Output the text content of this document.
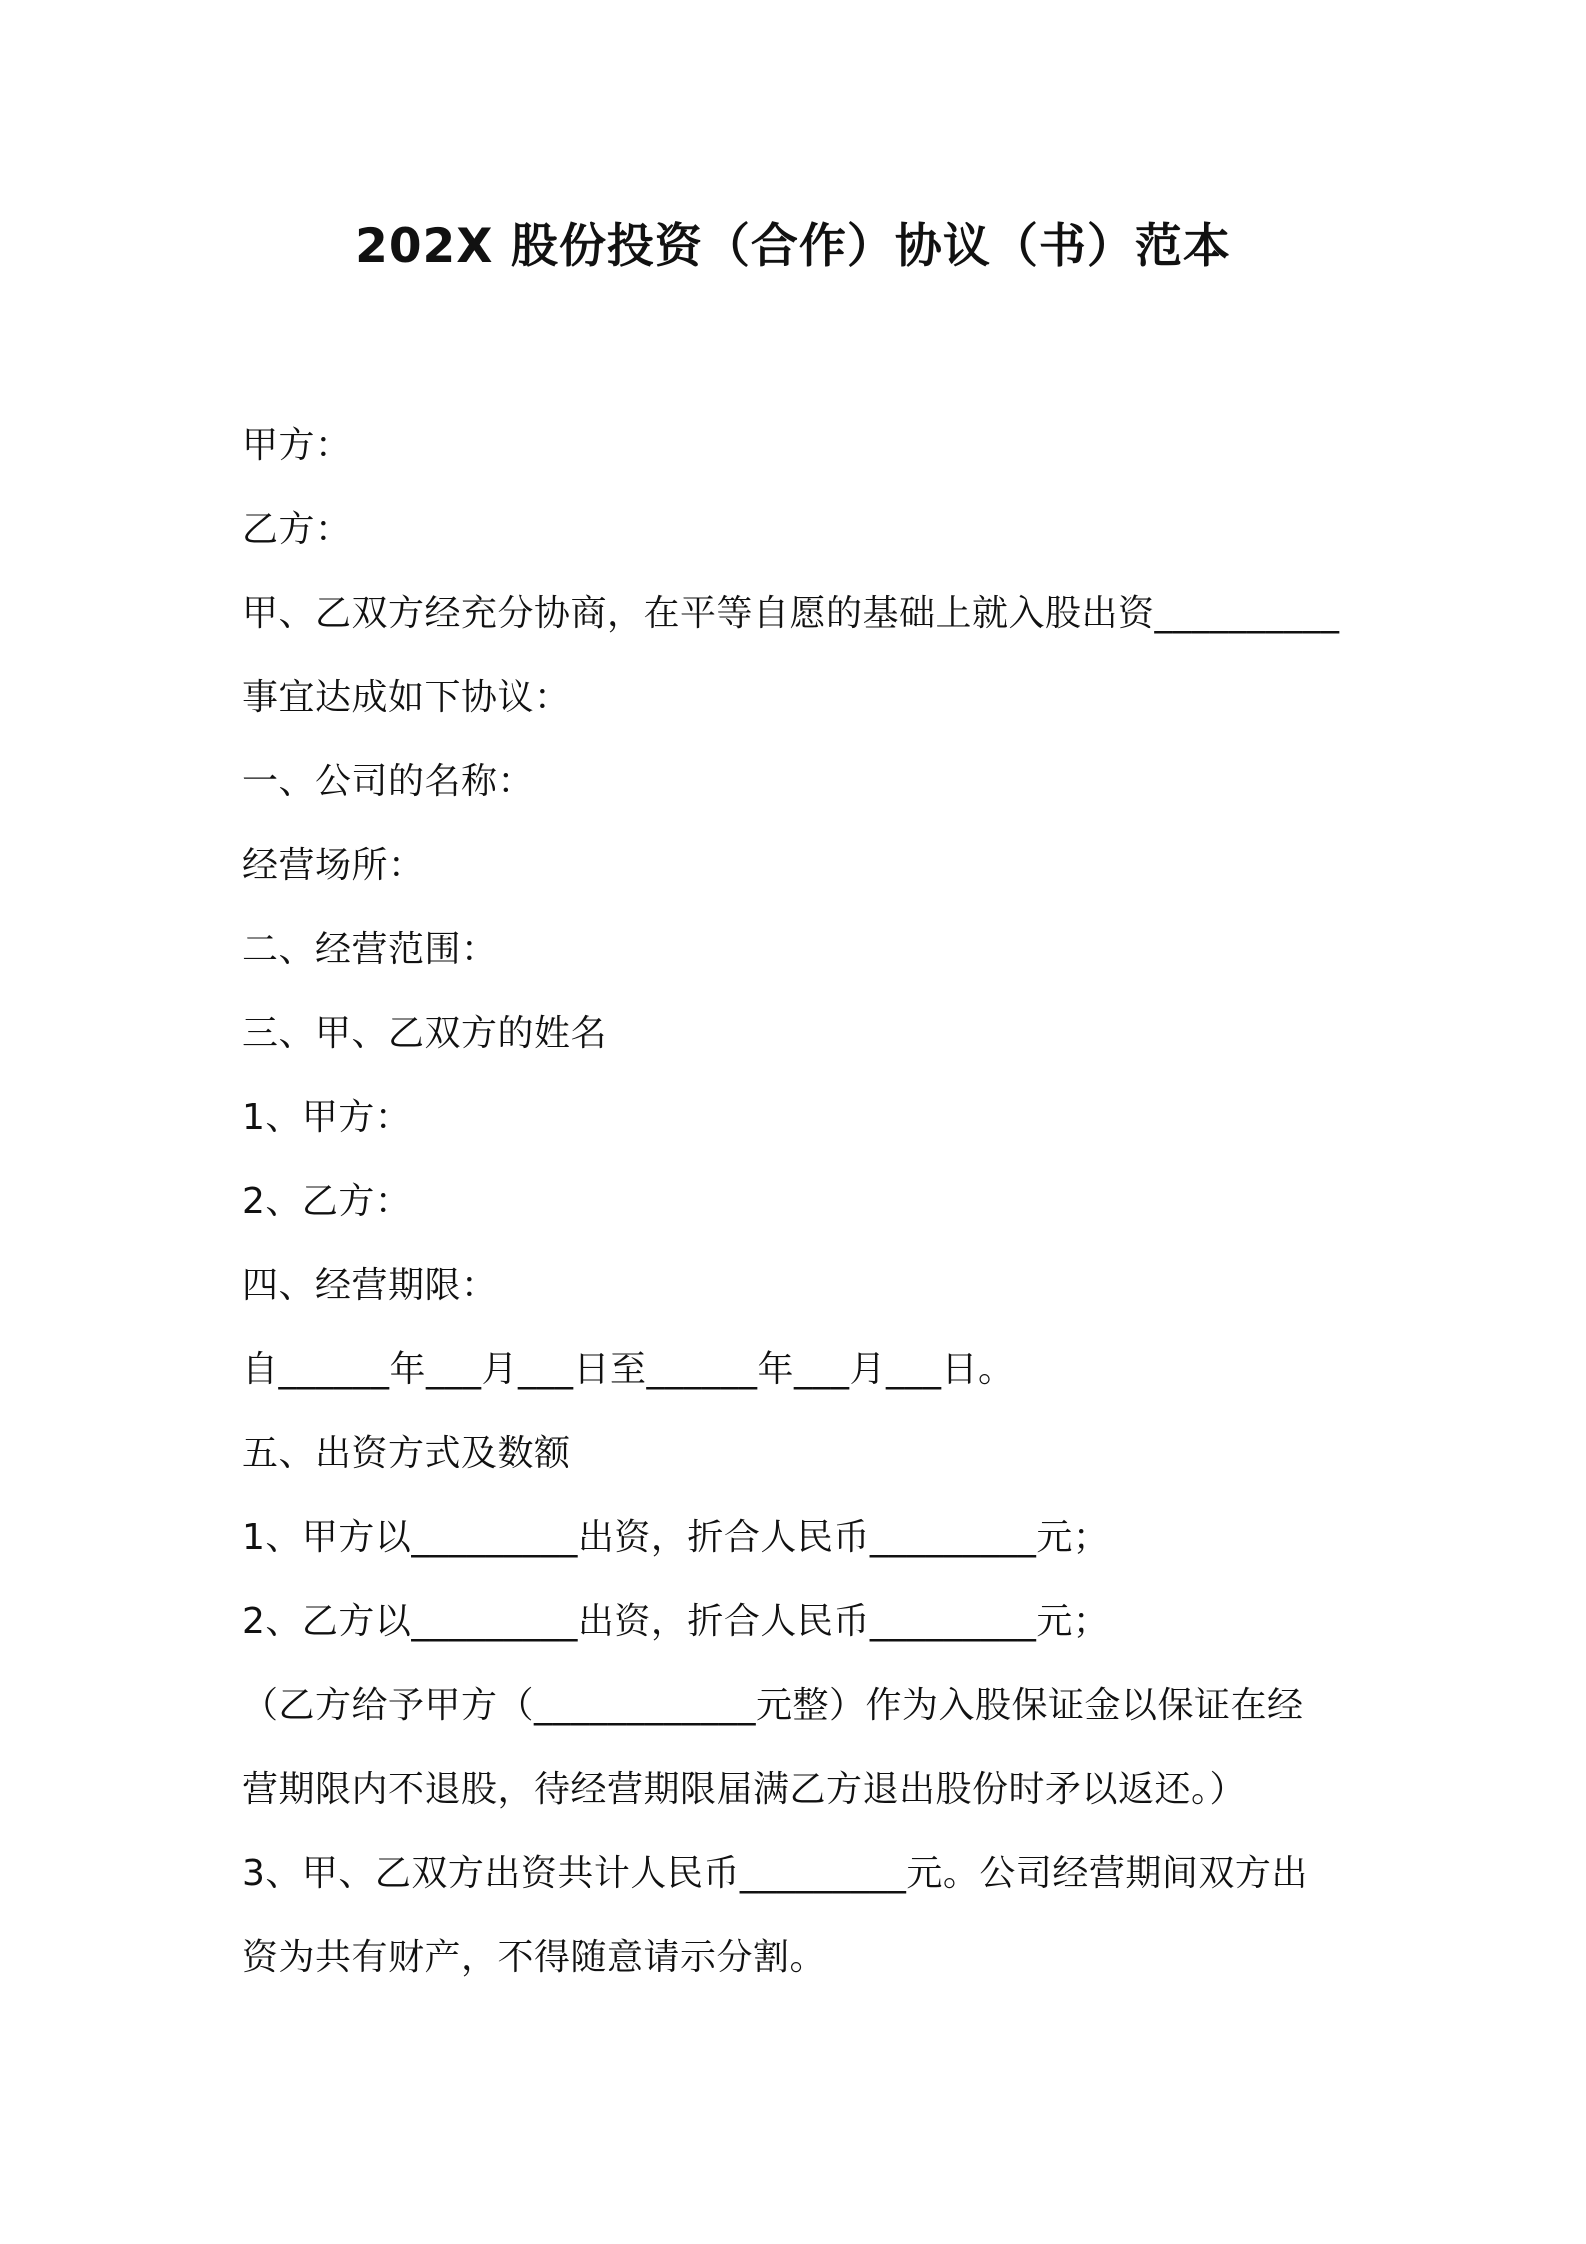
202X 股份投资（合作）协议（书）范本
甲方：
乙方：
甲、乙双方经充分协商，在平等自愿的基础上就入股出资__________
事宜达成如下协议：
一、公司的名称：
经营场所：
二、经营范围：
三、甲、乙双方的姓名
1、甲方：
2、乙方：
四、经营期限：
自______年___月___日至______年___月___日。
五、出资方式及数额
1、甲方以_________出资，折合人民币_________元；
2、乙方以_________出资，折合人民币_________元；
（乙方给予甲方（____________元整）作为入股保证金以保证在经
营期限内不退股，待经营期限届满乙方退出股份时矛以返还。）
3、甲、乙双方出资共计人民币_________元。公司经营期间双方出
资为共有财产，不得随意请示分割。
